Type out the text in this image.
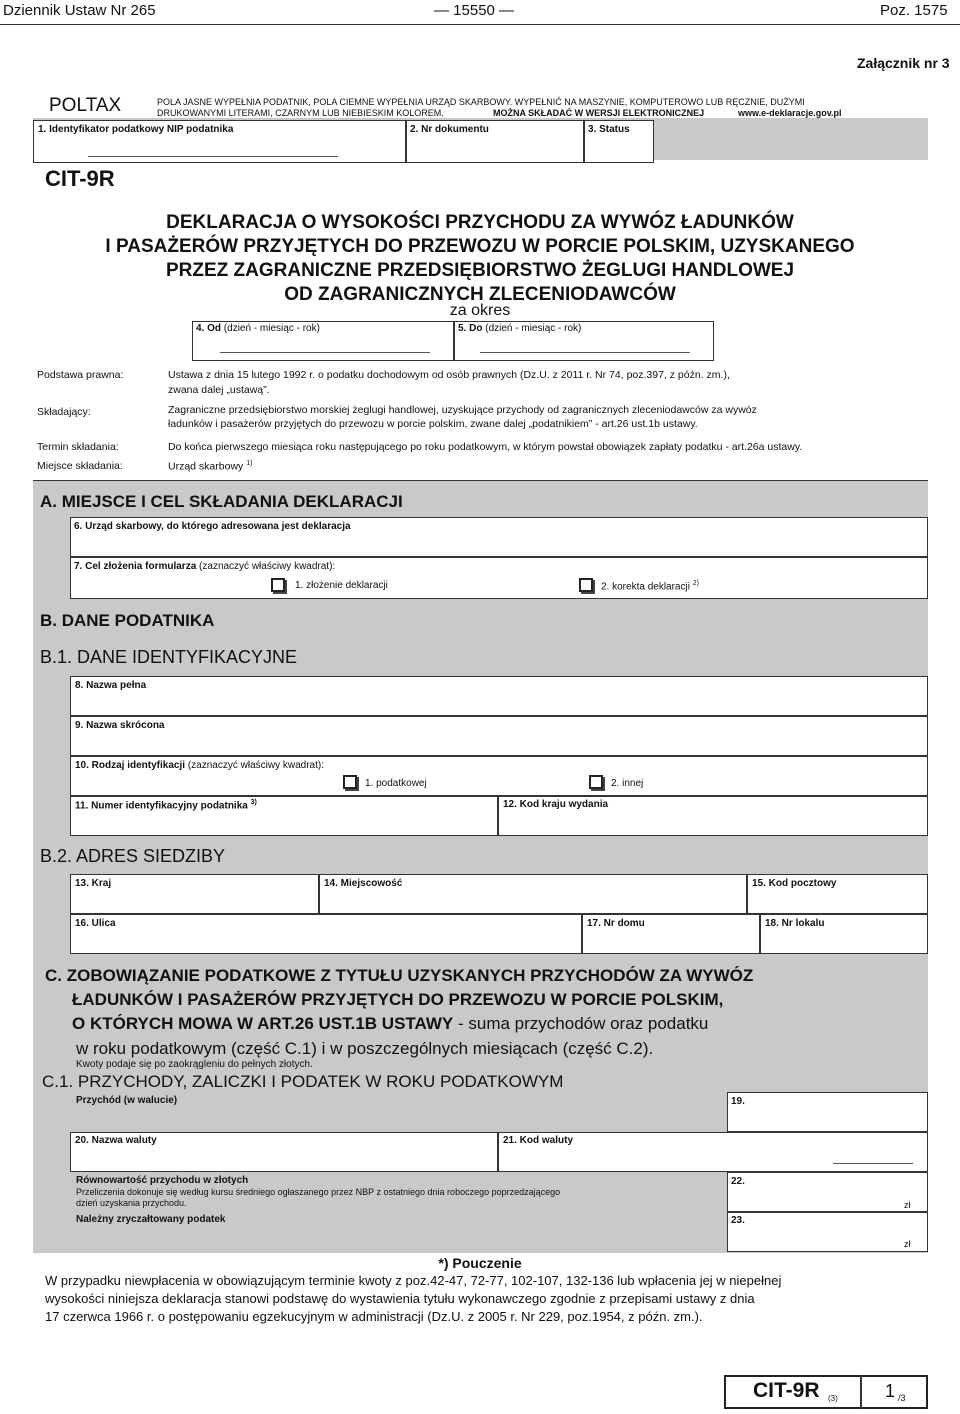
Dziennik Ustaw Nr 265	— 15550 —	Poz. 1575
Załącznik nr 3
POLTAX	POLA JASNE WYPEŁNIA PODATNIK, POLA CIEMNE WYPEŁNIA URZĄD SKARBOWY. WYPEŁNIĆ NA MASZYNIE, KOMPUTEROWO LUB RĘCZNIE, DUŻYMI
DRUKOWANYMI LITERAMI, CZARNYM LUB NIEBIESKIM KOLOREM.	MOŻNA SKŁADAĆ W WERSJI ELEKTRONICZNEJ	www.e-deklaracje.gov.pl
1. Identyfikator podatkowy NIP podatnika	2. Nr dokumentu	3. Status
CIT-9R
DEKLARACJA O WYSOKOŚCI PRZYCHODU ZA WYWÓZ ŁADUNKÓW
I PASAŻERÓW PRZYJĘTYCH DO PRZEWOZU W PORCIE POLSKIM, UZYSKANEGO
PRZEZ ZAGRANICZNE PRZEDSIĘBIORSTWO ŻEGLUGI HANDLOWEJ
OD ZAGRANICZNYCH ZLECENIODAWCÓW
za okres
4. Od (dzień - miesiąc - rok)	5. Do (dzień - miesiąc - rok)
Podstawa prawna:	Ustawa z dnia 15 lutego 1992 r. o podatku dochodowym od osób prawnych (Dz.U. z 2011 r. Nr 74, poz.397, z późn. zm.),
zwana dalej „ustawą”.
Składający:	Zagraniczne przedsiębiorstwo morskiej żeglugi handlowej, uzyskujące przychody od zagranicznych zleceniodawców za wywóz
ładunków i pasażerów przyjętych do przewozu w porcie polskim, zwane dalej „podatnikiem” - art.26 ust.1b ustawy.
Termin składania:	Do końca pierwszego miesiąca roku następującego po roku podatkowym, w którym powstał obowiązek zapłaty podatku - art.26a ustawy.
Miejsce składania:	Urząd skarbowy $^{1)}$
A. MIEJSCE I CEL SKŁADANIA DEKLARACJI
6. Urząd skarbowy, do którego adresowana jest deklaracja
7. Cel złożenia formularza (zaznaczyć właściwy kwadrat):
1. złożenie deklaracji	2. korekta deklaracji $^{2)}$
B. DANE PODATNIKA
B.1. DANE IDENTYFIKACYJNE
8. Nazwa pełna
9. Nazwa skrócona
10. Rodzaj identyfikacji (zaznaczyć właściwy kwadrat):
1. podatkowej	2. innej
11. Numer identyfikacyjny podatnika $^{3)}$	12. Kod kraju wydania
B.2. ADRES SIEDZIBY
13. Kraj	14. Miejscowość	15. Kod pocztowy
16. Ulica	17. Nr domu	18. Nr lokalu
C. ZOBOWIĄZANIE PODATKOWE Z TYTUŁU UZYSKANYCH PRZYCHODÓW ZA WYWÓZ
ŁADUNKÓW I PASAŻERÓW PRZYJĘTYCH DO PRZEWOZU W PORCIE POLSKIM,
O KTÓRYCH MOWA W ART.26 UST.1B USTAWY - suma przychodów oraz podatku
w roku podatkowym (część C.1) i w poszczególnych miesiącach (część C.2).
Kwoty podaje się po zaokrągleniu do pełnych złotych.
C.1. PRZYCHODY, ZALICZKI I PODATEK W ROKU PODATKOWYM
Przychód (w walucie)	19.
20. Nazwa waluty	21. Kod waluty
Równowartość przychodu w złotych
Przeliczenia dokonuje się według kursu średniego ogłaszanego przez NBP z ostatniego dnia roboczego poprzedzającego
dzień uzyskania przychodu.
22.
zł
Należny zryczałtowany podatek	23.
zł
*) Pouczenie
W przypadku niewpłacenia w obowiązującym terminie kwoty z poz.42-47, 72-77, 102-107, 132-136 lub wpłacenia jej w niepełnej
wysokości niniejsza deklaracja stanowi podstawę do wystawienia tytułu wykonawczego zgodnie z przepisami ustawy z dnia
17 czerwca 1966 r. o postępowaniu egzekucyjnym w administracji (Dz.U. z 2005 r. Nr 229, poz.1954, z późn. zm.).
CIT-9R (3)	1 /3
